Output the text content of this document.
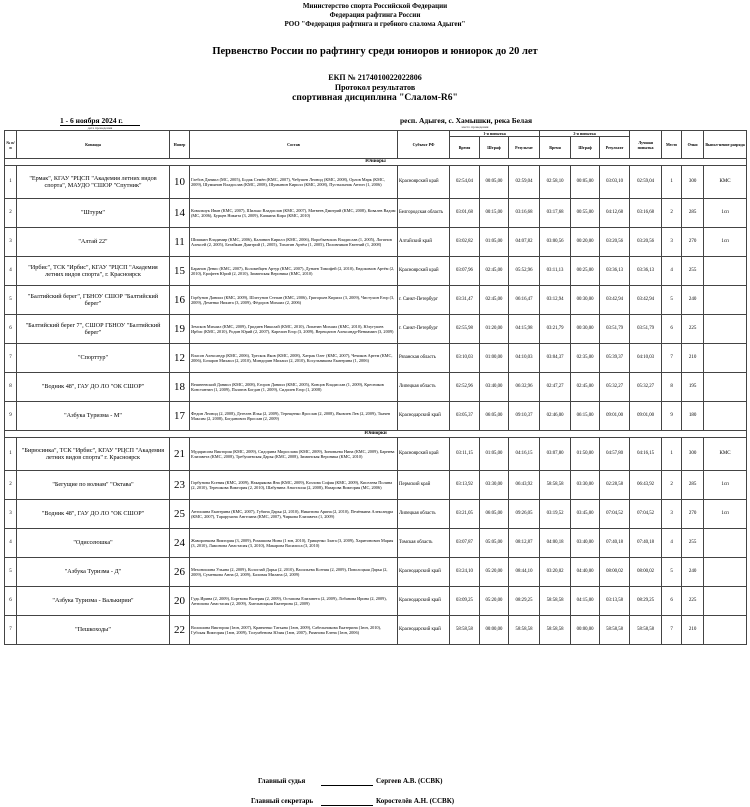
Министерство спорта Российской Федерации
Федерация рафтинга России
РОО "Федерация рафтинга и гребного слалома Адыгеи"
Первенство России по рафтингу среди юниоров и юниорок до 20 лет
ЕКП № 2174010022022806
Протокол результатов
спортивная дисциплина "Слалом-R6"
1 - 6 ноября 2024 г.
дата проведения
респ. Адыгея, с. Хамышки, река Белая
место проведения
№ п/п	Команда	Номер	Состав	Субъект РФ	1-я попытка			2-я попытка			Лучшая попытка	Место	Очки	Выпол-нение разряда
					Время	Штраф	Результат	Время	Штраф	Результат				
Юниоры														
1	"Ермак", КГАУ "РЦСП "Академия летних видов спорта", МАУДО "СШОР "Спутник"	10	Глебов Даниил (МС, 2005), Бодак Семён (КМС, 2007), Чебушев Леонид (КМС, 2008), Орлов Марк (КМС, 2009), Шумынин Владислав (КМС, 2008), Шумынин Кирилл (КМС, 2008), Пустыльник Антон (1, 2006)	Красноярский край	02:54,04	00:05,00	02:59,04	02:58,10	00:05,00	03:03,10	02:59,04	1	300	КМС
2	"Штурм"	14	Ковальчук Иван (КМС, 2007), Шилько Владислав (КМС, 2007), Матвеев Дмитрий (КМС, 2008), Ковалев Вадим (МС, 2006), Бурцев Никита (3, 2009), Капкина Кира (КМС, 2010)	Белгородская область	03:01,68	00:15,00	03:16,68	03:17,68	00:55,00	04:12,68	03:16,68	2	285	1сп
3	"Алтай 22"	11	Шишкин Владимир (КМС, 2006), Калинин Кирилл (КМС, 2006), Воробьевских Владислав (1, 2005), Логинов Алексей (2, 2005), Бегайкин Дмитрий (1, 2005), Тихатин Артём (1, 2005), Половников Евгений (1, 2008)	Алтайский край	03:02,82	01:05,00	04:07,82	03:00,56	00:20,00	03:20,56	03:20,56	3	270	1сп
4	"Ирбис", ТСК "Ирбис", КГАУ "РЦСП "Академия летних видов спорта", г. Красноярск	15	Баранов Денис (КМС, 2007), Коломейцев Артур (КМС, 2007), Дунаев Тимофей (2, 2010), Евдокимов Артём (2, 2010), Ерофеев Юрий (2, 2010), Зиминская Вероника (КМС, 2010)	Красноярский край	03:07,96	02:45,00	05:52,96	03:11,13	00:25,00	03:36,13	03:36,13	4	255	
5	"Балтийский берег", ГБНОУ СШОР "Балтийский берег"	16	Горбунов Даниил (КМС, 2009), Шлегунов Степан (КМС, 2006), Григорьев Кирилл (3, 2009), Чистухин Егор (3, 2009), Деменко Никита (3, 2009), Фёдоров Михаил (2, 2006)	г. Санкт-Петербург	03:31,47	02:45,00	06:16,47	03:12,94	00:30,00	03:42,94	03:42,94	5	240	
6	"Балтийский берег 7", СШОР ГБНОУ "Балтийский берег"	19	Земсков Михаил (КМС, 2009), Гридиев Николай (КМС, 2010), Лопатин Михаил (КМС, 2010), Юлугушев Ирбис (КМС, 2010), Родин Юрий (2, 2007), Карелин Егор (3, 2009), Верещагин Александр-Вениамин (3, 2009)	г. Санкт-Петербург	02:55,98	01:20,00	04:15,98	03:21,79	00:30,00	03:51,79	03:51,79	6	225	
7	"Спорттур"	12	Власов Александр (КМС, 2006), Трескок Яков (КМС, 2008), Хатрак Олег (КМС, 2007), Чечиков Артем (КМС, 2006), Бочаров Михаил (2, 2010), Миндорин Михаил (2, 2010), Косульникова Екатерина (1, 2006)	Рязанская область	03:10,03	01:00,00	04:10,03	03:04,37	02:35,00	05:39,37	04:10,03	7	210	
8	"Водник 48", ГАУ ДО ЛО "ОК СШОР"	18	Вешнеевский Даниил (КМС, 2008), Егоров Даниил (КМС, 2005), Концов Владислав (1, 2009), Кресников Константин (1, 2009), Палатов Богдан (1, 2009), Сидилев Егор (1, 2008)	Липецкая область	02:52,96	03:40,00	06:32,96	02:47,27	02:45,00	05:32,27	05:32,27	8	195	
9	"Азбука Туризма - М"	17	Федин Леонид (2, 2008), Дегелев Илья (2, 2009), Терещенко Ярослав (2, 2008), Яковлев Лев (2, 2009), Ткачев Максим (2, 2008), Богданович Ярослав (2, 2009)	Краснодарский край	03:05,37	06:05,00	09:10,37	02:46,00	06:15,00	09:01,00	09:01,00	9	180	
Юниорки														
1	"Бирюсинка", ТСК "Ирбис", КГАУ "РЦСП "Академия летних видов спорта" г. Красноярск	21	Мударисова Виктория (КМС, 2009), Сидорина Мирослава (КМС, 2009), Зиновьева Нина (КМС, 2009), Барнева Елизавета (КМС, 2008), Требушевская Дарья (КМС, 2008), Зиминская Вероника (КМС, 2010)	Красноярский край	03:11,15	01:05,00	04:16,15	03:07,80	01:50,00	04:57,80	04:16,15	1	300	КМС
2	"Бегущие по волнам" "Октава"	23	Горбунова Ксения (КМС, 2009), Накарякова Яна (КМС, 2009), Козлова София (КМС, 2009), Киселева Полина (2, 2010), Терешкова Виктория (2, 2010), Шабунина Анастасия (2, 2008), Назарова Виктория (МС, 2006)	Пермский край	03:13,92	03:30,00	06:43,92	58:58,58	03:30,00	02:28,58	06:43,92	2	285	1сп
3	"Водник 48", ГАУ ДО ЛО "ОК СШОР"	25	Антошина Екатерина (КМС, 2007), Губина Дарья (2, 2010), Никитина Арина (2, 2010), Печёнкина Александра (КМС, 2007), Тарарухина Ангелина (КМС, 2007), Чиркова Елизавета (1, 2009)	Липецкая область	03:21,05	06:05,00	09:26,05	03:19,52	03:45,00	07:04,52	07:04,52	3	270	1сп
4	"Одиссеюшка"	24	Жаворонкова Виктория (3, 2009), Ромашова Нина (1 юн, 2010), Грищенко Злата (3, 2009), Харитонович Мария (3, 2010), Лямонова Анастасия (3, 2010), Макарова Василиса (3, 2010)	Томская область	03:07,87	05:05,00	08:12,87	04:00,18	03:40,00	07:40,18	07:40,18	4	255	
5	"Азбука Туризма - Д"	26	Мехоношина Ульяна (2, 2009), Кологлай Дарья (2, 2010), Васильева Ксения (2, 2009), Поволоцкая Дарья (2, 2009), Суменкова Анна (2, 2009), Баловая Милана (2, 2009)	Краснодарский край	03:24,10	05:20,00	08:44,10	03:20,02	04:40,00	08:00,02	08:00,02	5	240	
6	"Азбука Туризма - Валькирии"	20	Гудь Ирина (2, 2009), Бортвова Валерия (2, 2009), Остапова Елизавета (2, 2009), Лобанова Ирина (2, 2009), Антипова Анастасия (2, 2009), Хмельницкая Екатерина (2, 2009)	Краснодарский край	03:09,25	05:20,00	08:29,25	58:58,58	04:15,00	03:13,58	08:29,25	6	225	
7	"Пешкоходы"	22	Волошина Виктория (1юн, 2007), Кравченко Татьяна (1юн, 2009), Сабельникова Екатерина (1юн, 2010), Губская Виктория (1юн, 2009), Толумбенова Юлия (1юн, 2007), Рязанова Елена (1юн, 2006)	Краснодарский край	58:58,58	00:00,00	58:58,58	58:58,58	00:00,00	58:58,58	58:58,58	7	210	
Главный судья	Сергеев А.В. (ССВК)
Главный секретарь	Коростелёв А.Н. (ССВК)
